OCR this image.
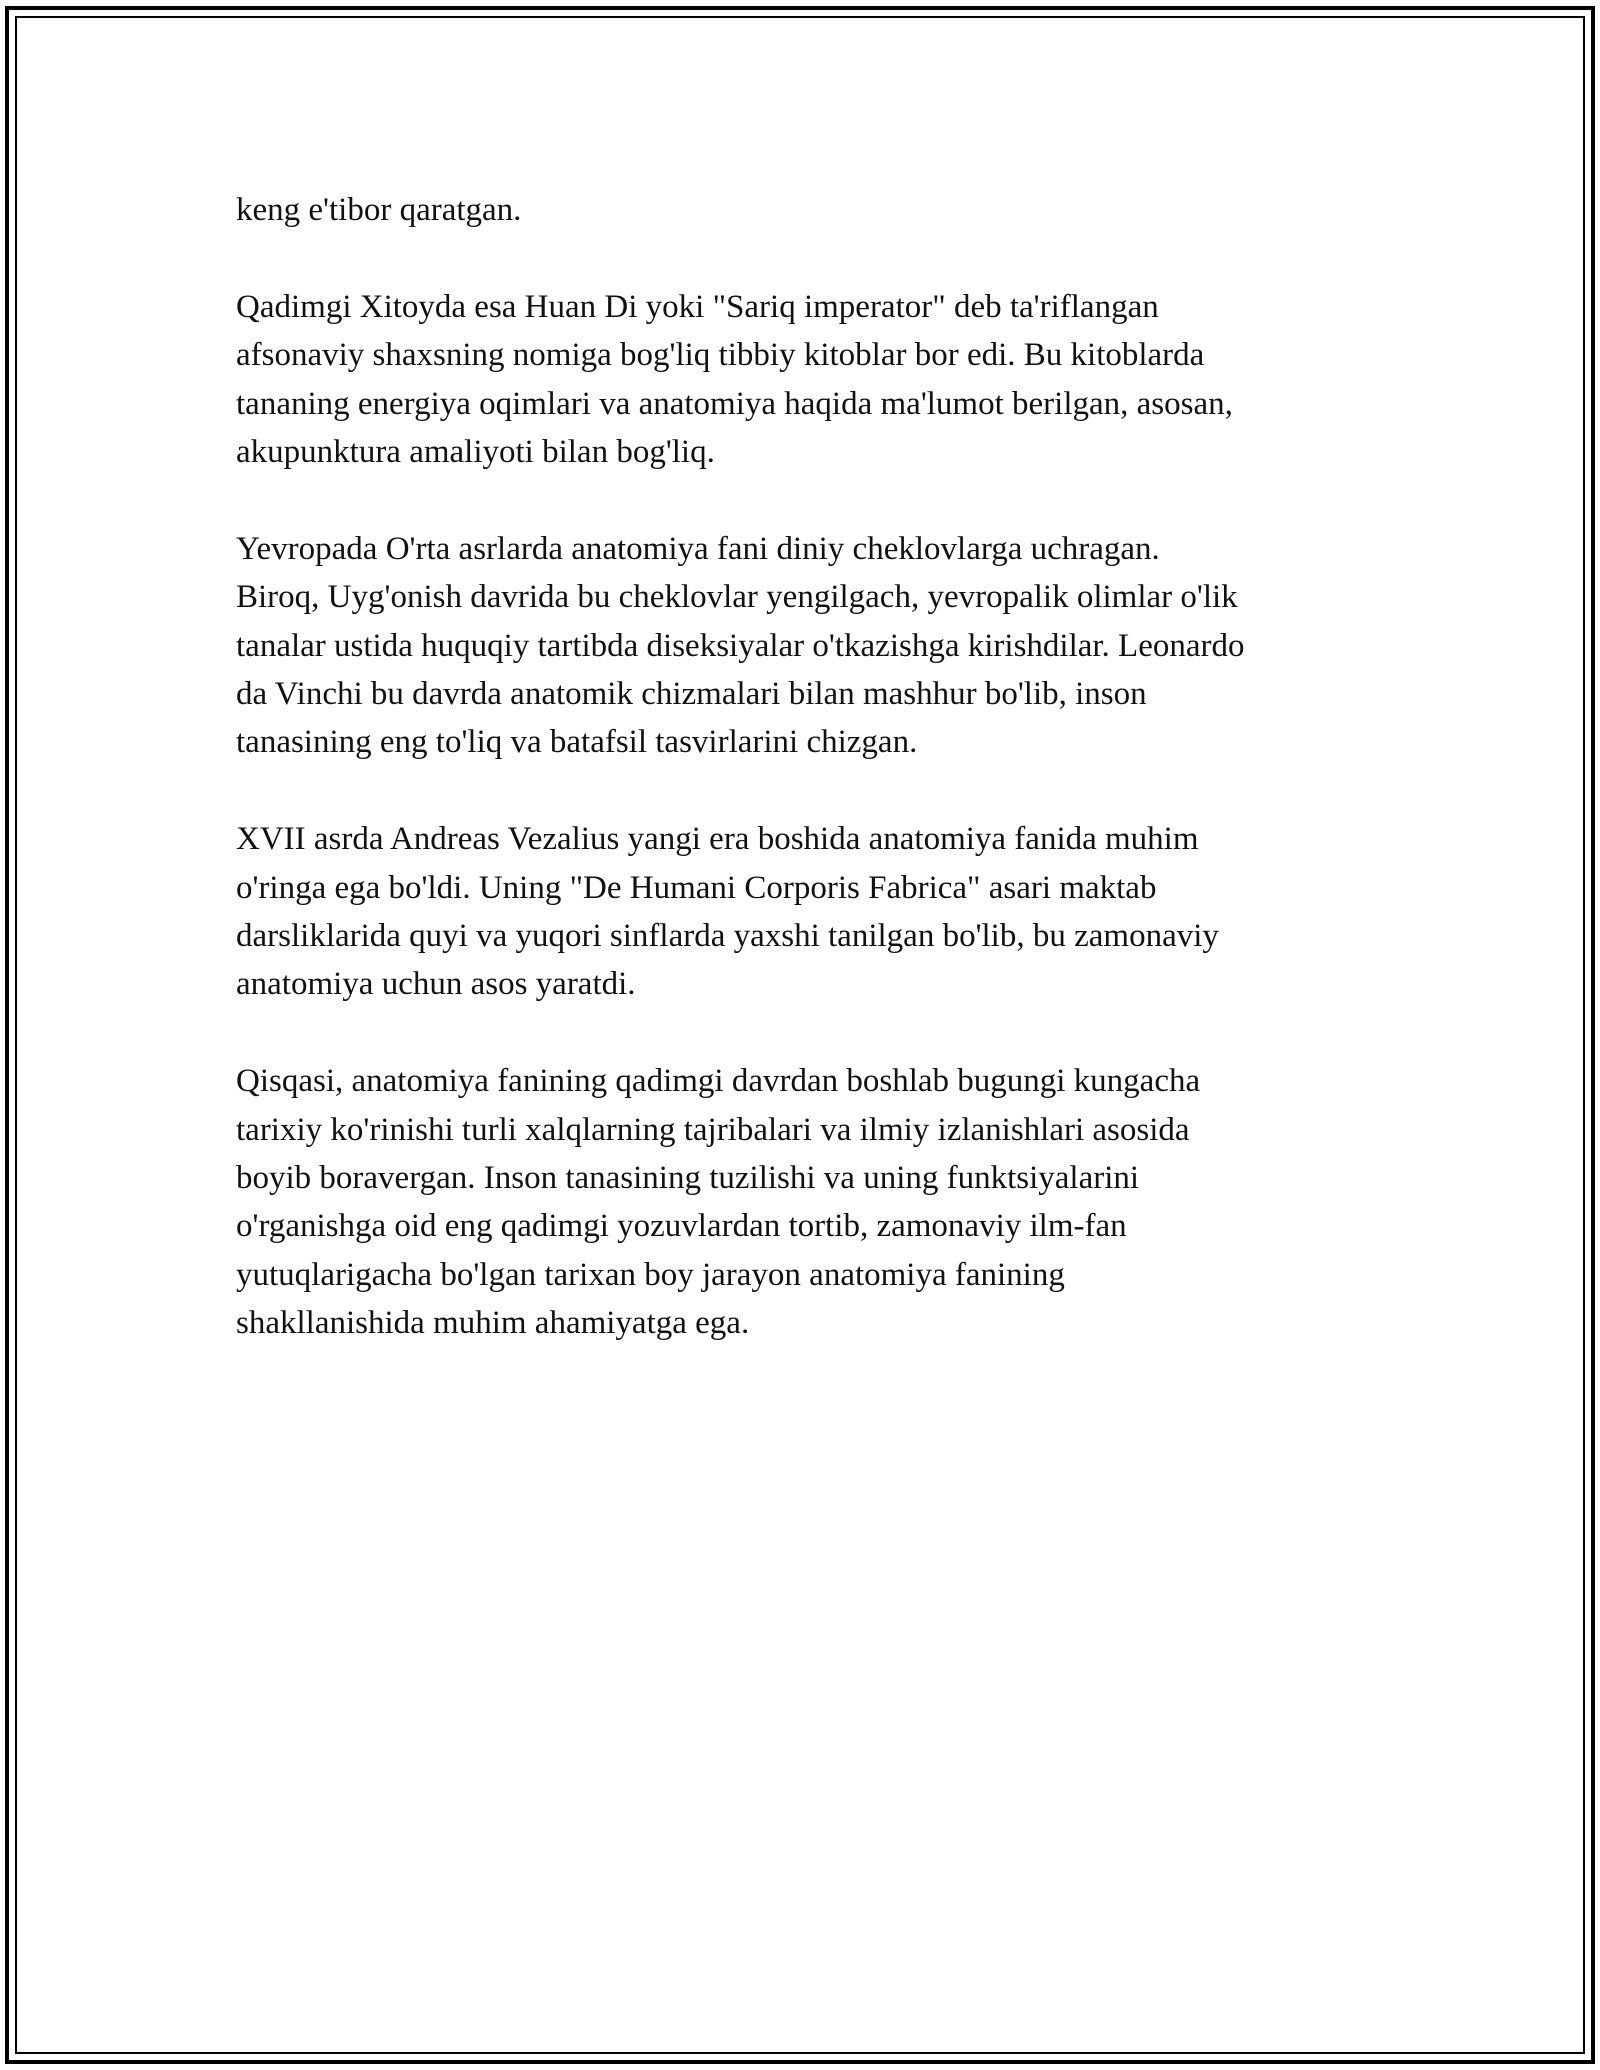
keng e'tibor qaratgan.
Qadimgi Xitoyda esa Huan Di yoki "Sariq imperator" deb ta'riflangan
afsonaviy shaxsning nomiga bog'liq tibbiy kitoblar bor edi. Bu kitoblarda
tananing energiya oqimlari va anatomiya haqida ma'lumot berilgan, asosan,
akupunktura amaliyoti bilan bog'liq.
Yevropada O'rta asrlarda anatomiya fani diniy cheklovlarga uchragan.
Biroq, Uyg'onish davrida bu cheklovlar yengilgach, yevropalik olimlar o'lik
tanalar ustida huquqiy tartibda diseksiyalar o'tkazishga kirishdilar. Leonardo
da Vinchi bu davrda anatomik chizmalari bilan mashhur bo'lib, inson
tanasining eng to'liq va batafsil tasvirlarini chizgan.
XVII asrda Andreas Vezalius yangi era boshida anatomiya fanida muhim
o'ringa ega bo'ldi. Uning "De Humani Corporis Fabrica" asari maktab
darsliklarida quyi va yuqori sinflarda yaxshi tanilgan bo'lib, bu zamonaviy
anatomiya uchun asos yaratdi.
Qisqasi, anatomiya fanining qadimgi davrdan boshlab bugungi kungacha
tarixiy ko'rinishi turli xalqlarning tajribalari va ilmiy izlanishlari asosida
boyib boravergan. Inson tanasining tuzilishi va uning funktsiyalarini
o'rganishga oid eng qadimgi yozuvlardan tortib, zamonaviy ilm-fan
yutuqlarigacha bo'lgan tarixan boy jarayon anatomiya fanining
shakllanishida muhim ahamiyatga ega.
